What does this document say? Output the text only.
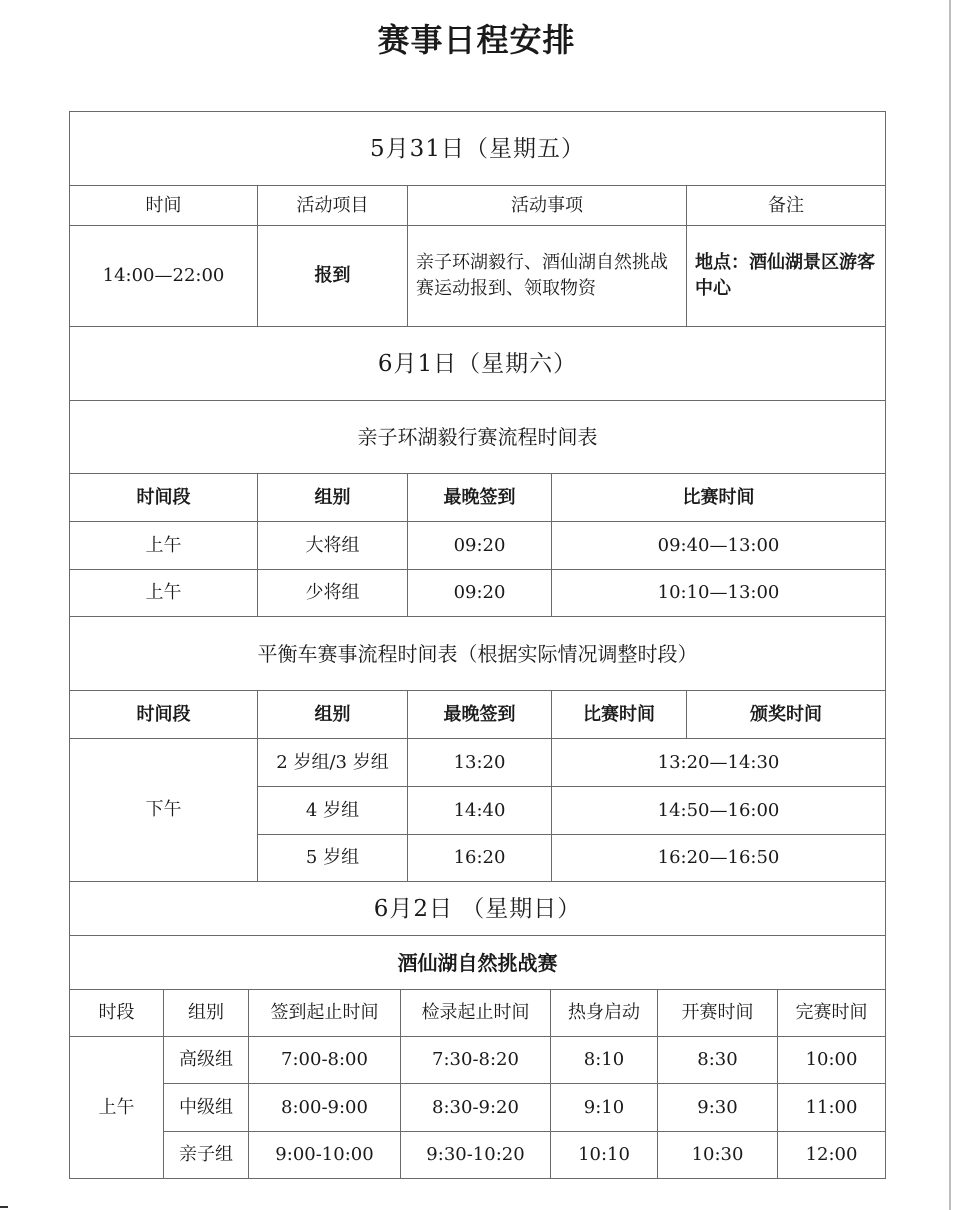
赛事日程安排
5月31日（星期五）				
时间	活动项目	活动事项		备注
14:00—22:00	报到	亲子环湖毅行、酒仙湖自然挑战赛运动报到、领取物资		地点：酒仙湖景区游客中心
6月1日（星期六）				
亲子环湖毅行赛流程时间表				
时间段	组别	最晚签到	比赛时间	
上午	大将组	09:20	09:40—13:00	
上午	少将组	09:20	10:10—13:00	
平衡车赛事流程时间表（根据实际情况调整时段）				
时间段	组别	最晚签到	比赛时间	颁奖时间
下午	2 岁组/3 岁组	13:20	13:20—14:30	
	4 岁组	14:40	14:50—16:00	
	5 岁组	16:20	16:20—16:50	
6月2日 （星期日）						
酒仙湖自然挑战赛						
时段	组别	签到起止时间	检录起止时间	热身启动	开赛时间	完赛时间
上午	高级组	7:00-8:00	7:30-8:20	8:10	8:30	10:00
	中级组	8:00-9:00	8:30-9:20	9:10	9:30	11:00
	亲子组	9:00-10:00	9:30-10:20	10:10	10:30	12:00
